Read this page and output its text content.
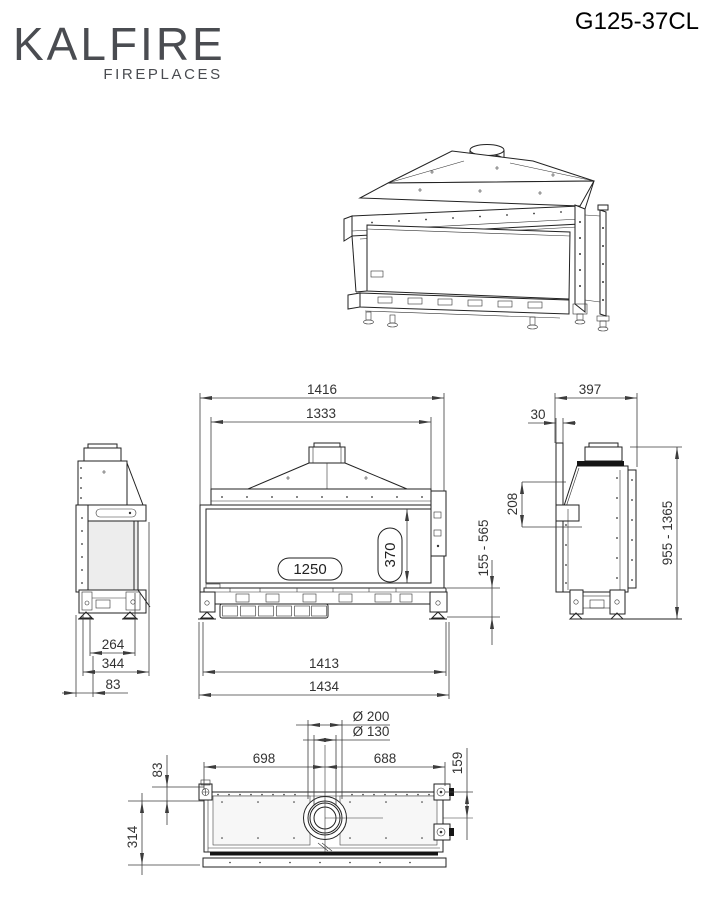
KALFIRE
FIREPLACES
G125-37CL
1416
1333
1250
370	155 - 565
1413
1434
264
344
83
397
30
955 - 1365
208
Ø 200
Ø 130
698	688
83
314
159
